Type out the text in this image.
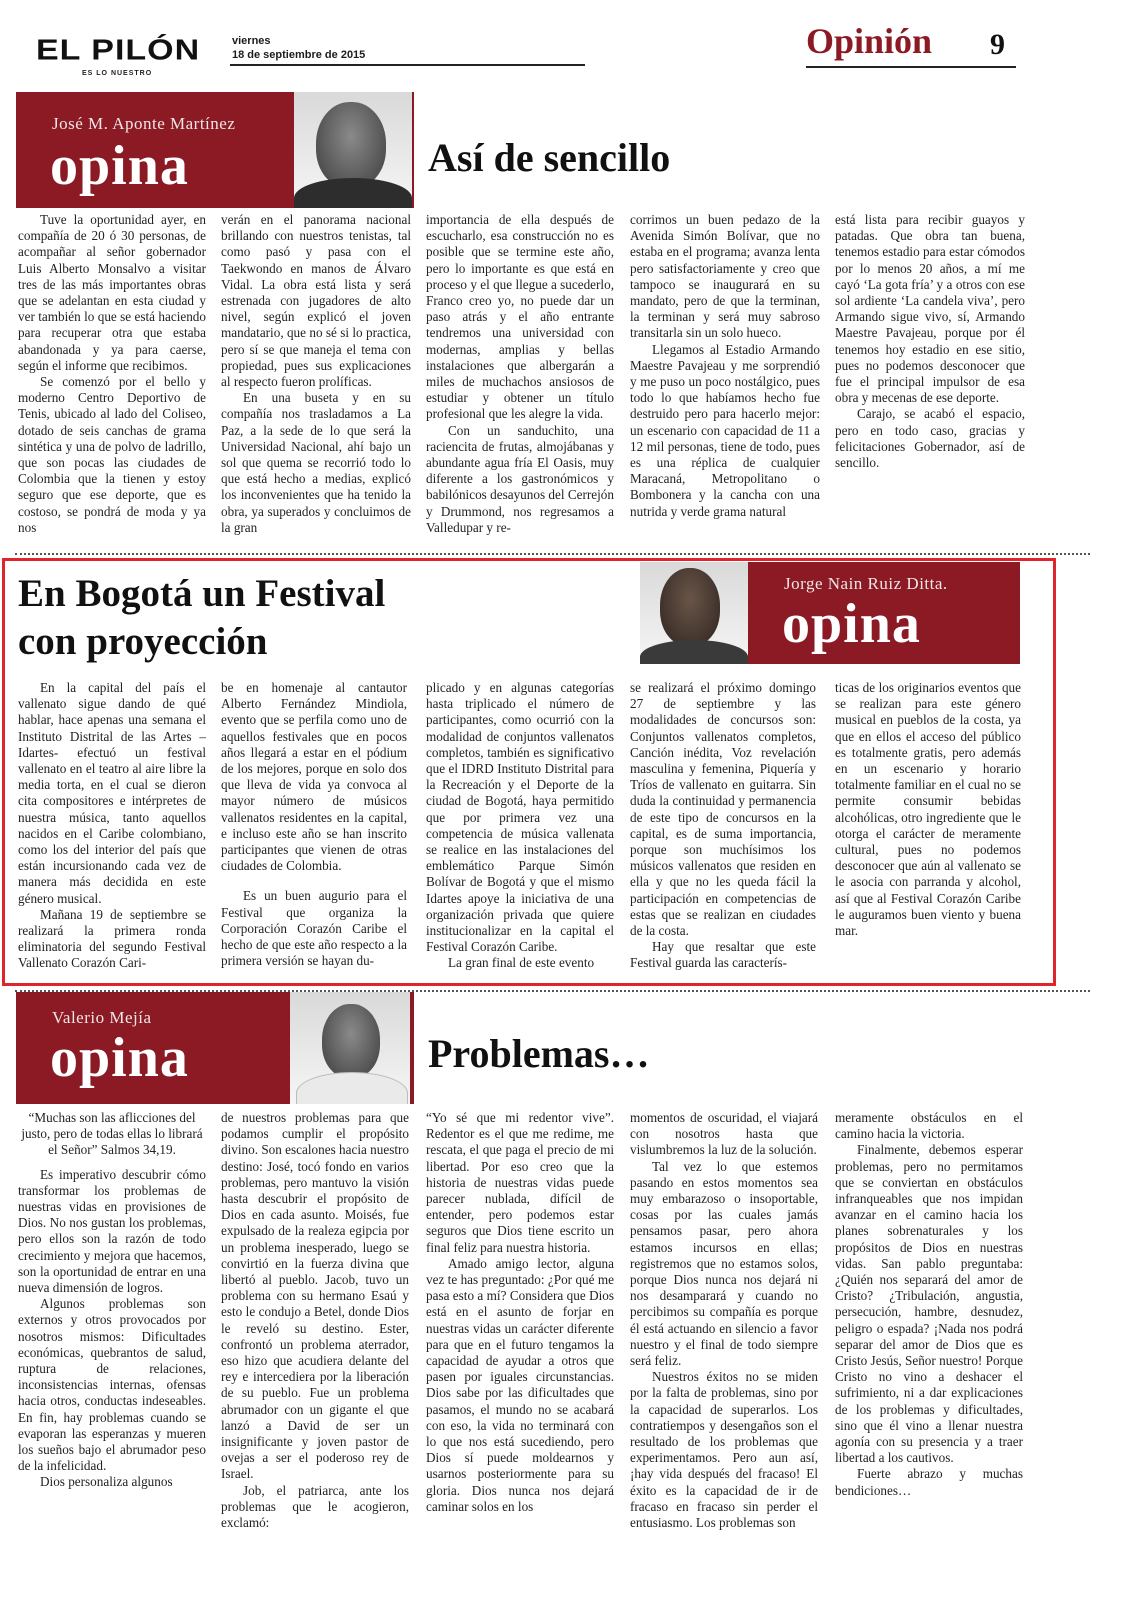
EL PILÓN
ES LO NUESTRO
viernes
18 de septiembre de 2015	Opinión 9
José M. Aponte Martínez
opina	Así de sencillo

Tuve la oportunidad ayer, en compañía de 20 ó 30 personas, de acompañar al señor gobernador Luis Alberto Monsalvo a visitar tres de las más importantes obras que se adelantan en esta ciudad y ver también lo que se está haciendo para recuperar otra que estaba abandonada y ya para caerse, según el informe que recibimos.

Se comenzó por el bello y moderno Centro Deportivo de Tenis, ubicado al lado del Coliseo, dotado de seis canchas de grama sintética y una de polvo de ladrillo, que son pocas las ciudades de Colombia que la tienen y estoy seguro que ese deporte, que es costoso, se pondrá de moda y ya nos

verán en el panorama nacional brillando con nuestros tenistas, tal como pasó y pasa con el Taekwondo en manos de Álvaro Vidal. La obra está lista y será estrenada con jugadores de alto nivel, según explicó el joven mandatario, que no sé si lo practica, pero sí se que maneja el tema con propiedad, pues sus explicaciones al respecto fueron prolíficas.

En una buseta y en su compañía nos trasladamos a La Paz, a la sede de lo que será la Universidad Nacional, ahí bajo un sol que quema se recorrió todo lo que está hecho a medias, explicó los inconvenientes que ha tenido la obra, ya superados y concluimos de la gran

importancia de ella después de escucharlo, esa construcción no es posible que se termine este año, pero lo importante es que está en proceso y el que llegue a sucederlo, Franco creo yo, no puede dar un paso atrás y el año entrante tendremos una universidad con modernas, amplias y bellas instalaciones que albergarán a miles de muchachos ansiosos de estudiar y obtener un título profesional que les alegre la vida.

Con un sanduchito, una raciencita de frutas, almojábanas y abundante agua fría El Oasis, muy diferente a los gastronómicos y babilónicos desayunos del Cerrejón y Drummond, nos regresamos a Valledupar y re-

corrimos un buen pedazo de la Avenida Simón Bolívar, que no estaba en el programa; avanza lenta pero satisfactoriamente y creo que tampoco se inaugurará en su mandato, pero de que la terminan, la terminan y será muy sabroso transitarla sin un solo hueco.

Llegamos al Estadio Armando Maestre Pavajeau y me sorprendió y me puso un poco nostálgico, pues todo lo que habíamos hecho fue destruido pero para hacerlo mejor: un escenario con capacidad de 11 a 12 mil personas, tiene de todo, pues es una réplica de cualquier Maracaná, Metropolitano o Bombonera y la cancha con una nutrida y verde grama natural

está lista para recibir guayos y patadas. Que obra tan buena, tenemos estadio para estar cómodos por lo menos 20 años, a mí me cayó ‘La gota fría’ y a otros con ese sol ardiente ‘La candela viva’, pero Armando sigue vivo, sí, Armando Maestre Pavajeau, porque por él tenemos hoy estadio en ese sitio, pues no podemos desconocer que fue el principal impulsor de esa obra y mecenas de ese deporte.

Carajo, se acabó el espacio, pero en todo caso, gracias y felicitaciones Gobernador, así de sencillo.

En Bogotá un Festival
con proyección
Jorge Nain Ruiz Ditta.
opina

En la capital del país el vallenato sigue dando de qué hablar, hace apenas una semana el Instituto Distrital de las Artes –Idartes- efectuó un festival vallenato en el teatro al aire libre la media torta, en el cual se dieron cita compositores e intérpretes de nuestra música, tanto aquellos nacidos en el Caribe colombiano, como los del interior del país que están incursionando cada vez de manera más decidida en este género musical.

Mañana 19 de septiembre se realizará la primera ronda eliminatoria del segundo Festival Vallenato Corazón Cari-

be en homenaje al cantautor Alberto Fernández Mindiola, evento que se perfila como uno de aquellos festivales que en pocos años llegará a estar en el pódium de los mejores, porque en solo dos que lleva de vida ya convoca al mayor número de músicos vallenatos residentes en la capital, e incluso este año se han inscrito participantes que vienen de otras ciudades de Colombia.

Es un buen augurio para el Festival que organiza la Corporación Corazón Caribe el hecho de que este año respecto a la primera versión se hayan du-

plicado y en algunas categorías hasta triplicado el número de participantes, como ocurrió con la modalidad de conjuntos vallenatos completos, también es significativo que el IDRD Instituto Distrital para la Recreación y el Deporte de la ciudad de Bogotá, haya permitido que por primera vez una competencia de música vallenata se realice en las instalaciones del emblemático Parque Simón Bolívar de Bogotá y que el mismo Idartes apoye la iniciativa de una organización privada que quiere institucionalizar en la capital el Festival Corazón Caribe.

La gran final de este evento

se realizará el próximo domingo 27 de septiembre y las modalidades de concursos son: Conjuntos vallenatos completos, Canción inédita, Voz revelación masculina y femenina, Piquería y Tríos de vallenato en guitarra. Sin duda la continuidad y permanencia de este tipo de concursos en la capital, es de suma importancia, porque son muchísimos los músicos vallenatos que residen en ella y que no les queda fácil la participación en competencias de estas que se realizan en ciudades de la costa.

Hay que resaltar que este Festival guarda las caracterís-

ticas de los originarios eventos que se realizan para este género musical en pueblos de la costa, ya que en ellos el acceso del público es totalmente gratis, pero además en un escenario y horario totalmente familiar en el cual no se permite consumir bebidas alcohólicas, otro ingrediente que le otorga el carácter de meramente cultural, pues no podemos desconocer que aún al vallenato se le asocia con parranda y alcohol, así que al Festival Corazón Caribe le auguramos buen viento y buena mar.

Valerio Mejía
opina	Problemas…

“Muchas son las aflicciones del justo, pero de todas ellas lo librará el Señor” Salmos 34,19.

Es imperativo descubrir cómo transformar los problemas de nuestras vidas en provisiones de Dios. No nos gustan los problemas, pero ellos son la razón de todo crecimiento y mejora que hacemos, son la oportunidad de entrar en una nueva dimensión de logros.

Algunos problemas son externos y otros provocados por nosotros mismos: Dificultades económicas, quebrantos de salud, ruptura de relaciones, inconsistencias internas, ofensas hacia otros, conductas indeseables. En fin, hay problemas cuando se evaporan las esperanzas y mueren los sueños bajo el abrumador peso de la infelicidad.

Dios personaliza algunos

de nuestros problemas para que podamos cumplir el propósito divino. Son escalones hacia nuestro destino: José, tocó fondo en varios problemas, pero mantuvo la visión hasta descubrir el propósito de Dios en cada asunto. Moisés, fue expulsado de la realeza egipcia por un problema inesperado, luego se convirtió en la fuerza divina que libertó al pueblo. Jacob, tuvo un problema con su hermano Esaú y esto le condujo a Betel, donde Dios le reveló su destino. Ester, confrontó un problema aterrador, eso hizo que acudiera delante del rey e intercediera por la liberación de su pueblo. Fue un problema abrumador con un gigante el que lanzó a David de ser un insignificante y joven pastor de ovejas a ser el poderoso rey de Israel.

Job, el patriarca, ante los problemas que le acogieron, exclamó:

“Yo sé que mi redentor vive”. Redentor es el que me redime, me rescata, el que paga el precio de mi libertad. Por eso creo que la historia de nuestras vidas puede parecer nublada, difícil de entender, pero podemos estar seguros que Dios tiene escrito un final feliz para nuestra historia.

Amado amigo lector, alguna vez te has preguntado: ¿Por qué me pasa esto a mí? Considera que Dios está en el asunto de forjar en nuestras vidas un carácter diferente para que en el futuro tengamos la capacidad de ayudar a otros que pasen por iguales circunstancias. Dios sabe por las dificultades que pasamos, el mundo no se acabará con eso, la vida no terminará con lo que nos está sucediendo, pero Dios sí puede moldearnos y usarnos posteriormente para su gloria. Dios nunca nos dejará caminar solos en los

momentos de oscuridad, el viajará con nosotros hasta que vislumbremos la luz de la solución.

Tal vez lo que estemos pasando en estos momentos sea muy embarazoso o insoportable, cosas por las cuales jamás pensamos pasar, pero ahora estamos incursos en ellas; registremos que no estamos solos, porque Dios nunca nos dejará ni nos desamparará y cuando no percibimos su compañía es porque él está actuando en silencio a favor nuestro y el final de todo siempre será feliz.

Nuestros éxitos no se miden por la falta de problemas, sino por la capacidad de superarlos. Los contratiempos y desengaños son el resultado de los problemas que experimentamos. Pero aun así, ¡hay vida después del fracaso! El éxito es la capacidad de ir de fracaso en fracaso sin perder el entusiasmo. Los problemas son

meramente obstáculos en el camino hacia la victoria.

Finalmente, debemos esperar problemas, pero no permitamos que se conviertan en obstáculos infranqueables que nos impidan avanzar en el camino hacia los planes sobrenaturales y los propósitos de Dios en nuestras vidas. San pablo preguntaba: ¿Quién nos separará del amor de Cristo? ¿Tribulación, angustia, persecución, hambre, desnudez, peligro o espada? ¡Nada nos podrá separar del amor de Dios que es Cristo Jesús, Señor nuestro! Porque Cristo no vino a deshacer el sufrimiento, ni a dar explicaciones de los problemas y dificultades, sino que él vino a llenar nuestra agonía con su presencia y a traer libertad a los cautivos.

Fuerte abrazo y muchas bendiciones…
